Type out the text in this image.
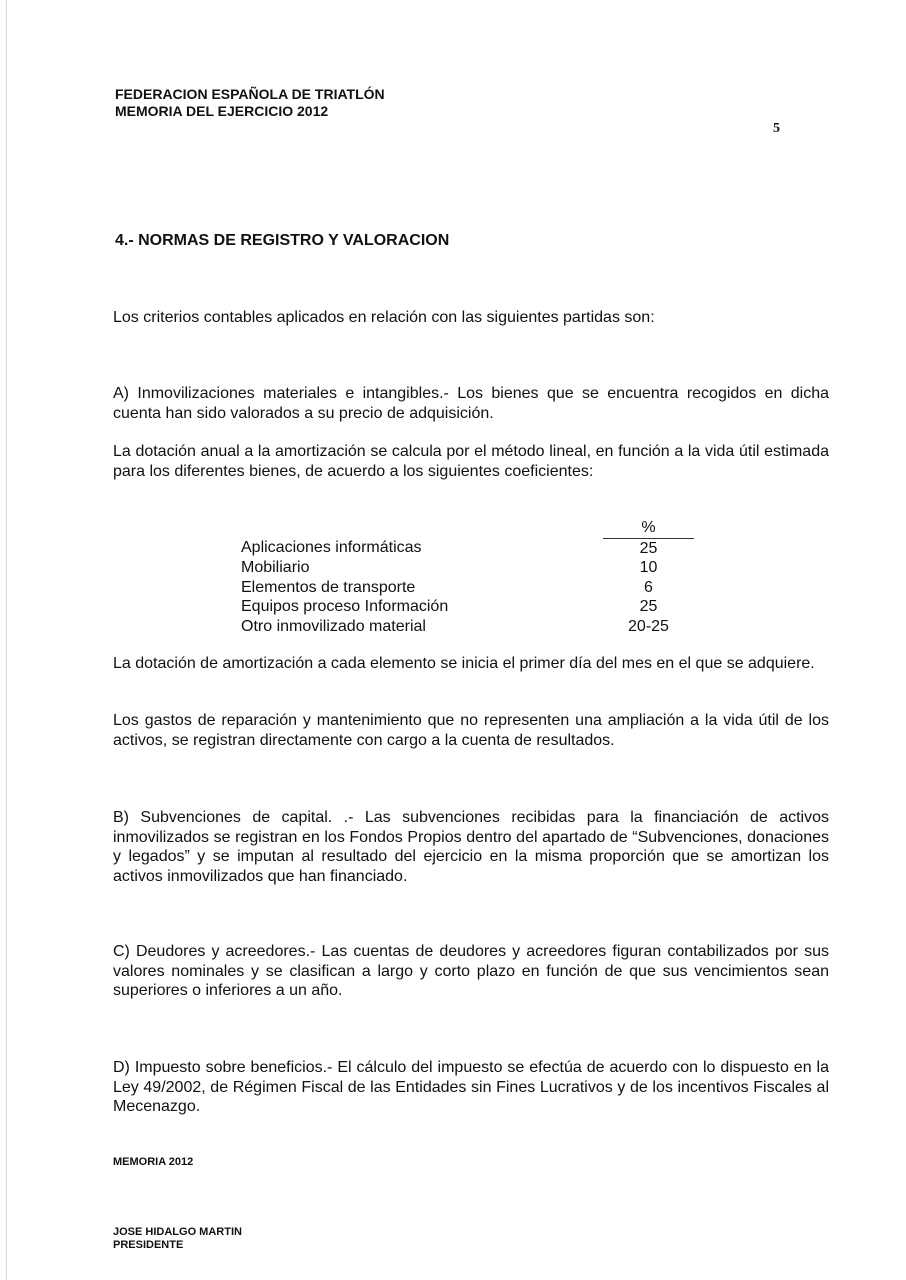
FEDERACION ESPAÑOLA DE TRIATLÓN
MEMORIA DEL EJERCICIO 2012
5
4.- NORMAS DE REGISTRO Y VALORACION

Los criterios contables aplicados en relación con las siguientes partidas son:

A) Inmovilizaciones materiales e intangibles.- Los bienes que se encuentra recogidos en dicha cuenta han sido valorados a su precio de adquisición.

La dotación anual a la amortización se calcula por el método lineal, en función a la vida útil estimada para los diferentes bienes, de acuerdo a los siguientes coeficientes:

	%
Aplicaciones informáticas	25
Mobiliario	10
Elementos de transporte	6
Equipos proceso Información	25
Otro inmovilizado material	20-25

La dotación de amortización a cada elemento se inicia el primer día del mes en el que se adquiere.

Los gastos de reparación y mantenimiento que no representen una ampliación a la vida útil de los activos, se registran directamente con cargo a la cuenta de resultados.

B) Subvenciones de capital. .- Las subvenciones recibidas para la financiación de activos inmovilizados se registran en los Fondos Propios dentro del apartado de “Subvenciones, donaciones y legados” y se imputan al resultado del ejercicio en la misma proporción que se amortizan los activos inmovilizados que han financiado.

C) Deudores y acreedores.- Las cuentas de deudores y acreedores figuran contabilizados por sus valores nominales y se clasifican a largo y corto plazo en función de que sus vencimientos sean superiores o inferiores a un año.

D) Impuesto sobre beneficios.- El cálculo del impuesto se efectúa de acuerdo con lo dispuesto en la Ley 49/2002, de Régimen Fiscal de las Entidades sin Fines Lucrativos y de los incentivos Fiscales al Mecenazgo.

MEMORIA 2012
JOSE HIDALGO MARTIN
PRESIDENTE
